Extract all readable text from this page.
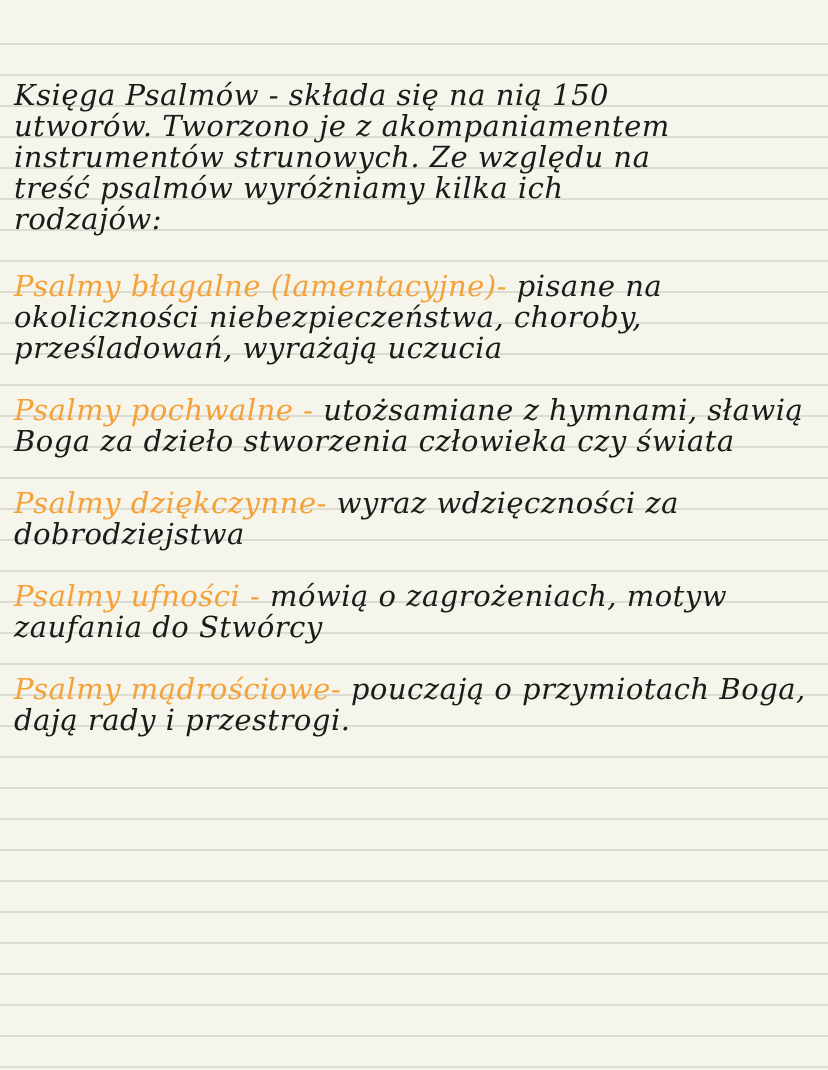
Księga Psalmów - składa się na nią 150
utworów. Tworzono je z akompaniamentem
instrumentów strunowych. Ze względu na
treść psalmów wyróżniamy kilka ich
rodzajów:

Psalmy błagalne (lamentacyjne)- pisane na okoliczności niebezpieczeństwa, choroby, prześladowań, wyrażają uczucia

Psalmy pochwalne - utożsamiane z hymnami, sławią Boga za dzieło stworzenia człowieka czy świata

Psalmy dziękczynne- wyraz wdzięczności za dobrodziejstwa

Psalmy ufności - mówią o zagrożeniach, motyw zaufania do Stwórcy

Psalmy mądrościowe- pouczają o przymiotach Boga, dają rady i przestrogi.
